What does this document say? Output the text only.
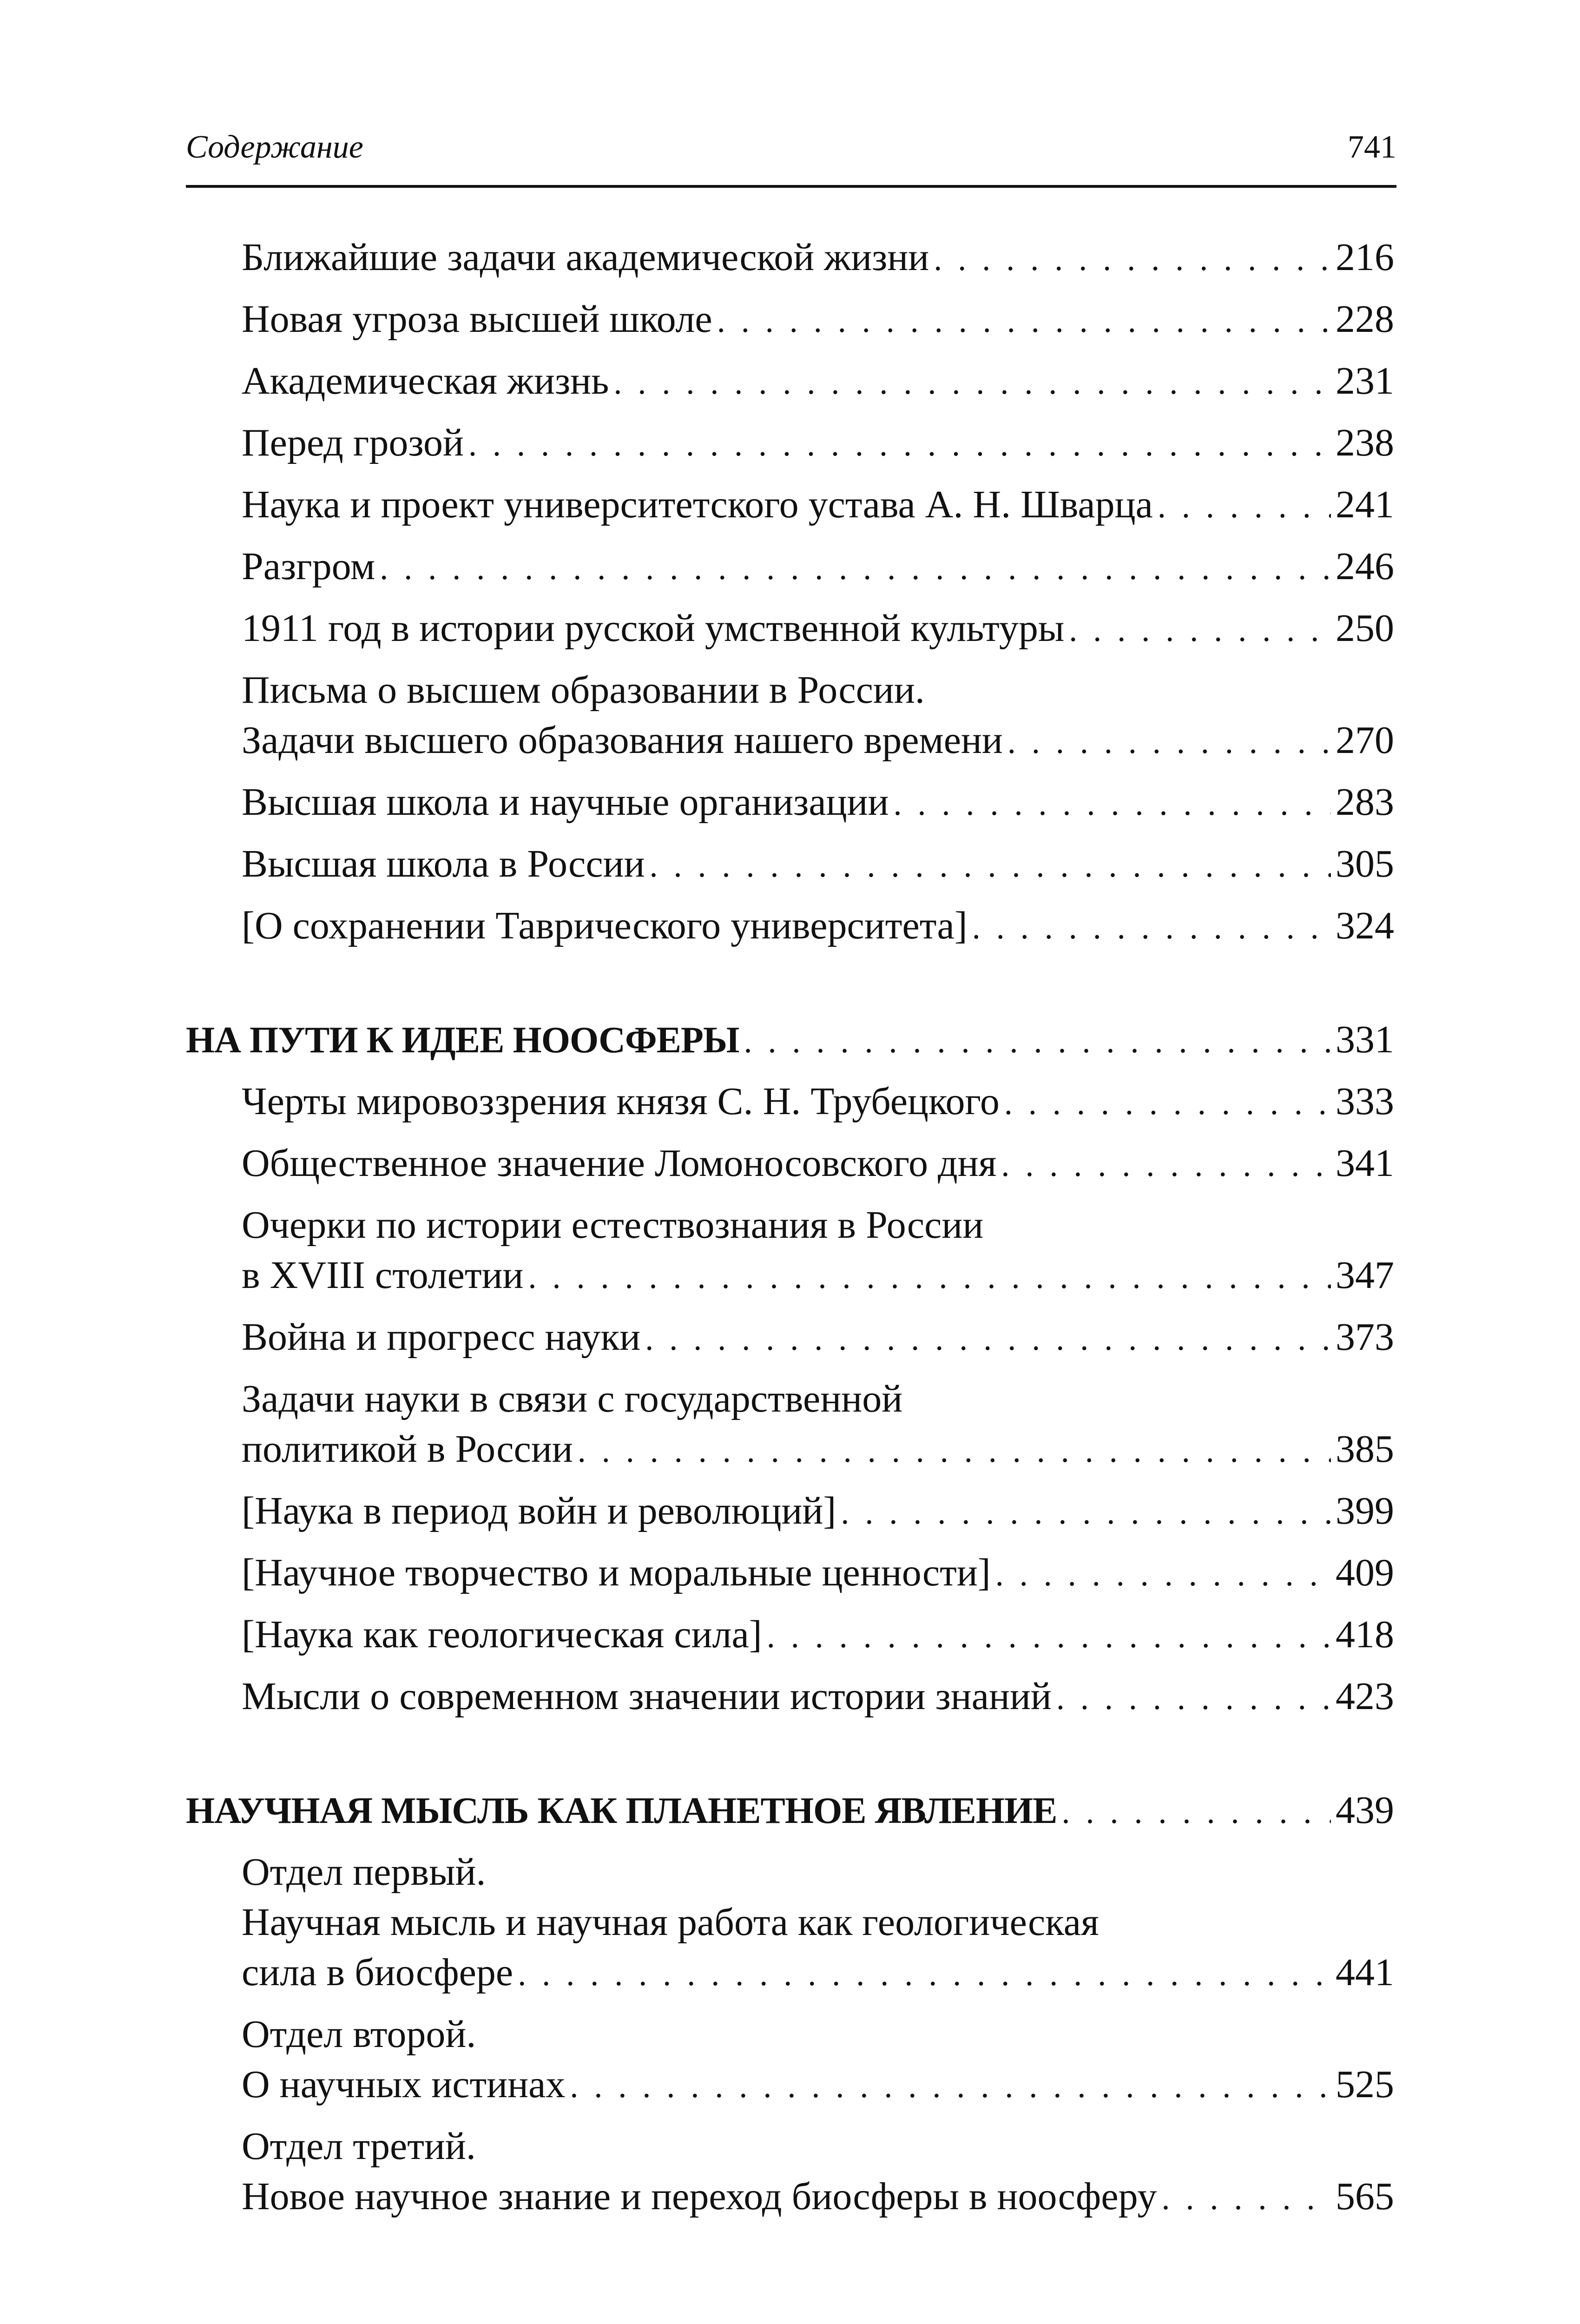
Содержание	741
Ближайшие задачи академической жизни . . .	216
Новая угроза высшей школе . . .	228
Академическая жизнь . . .	231
Перед грозой . . .	238
Наука и проект университетского устава А. Н. Шварца . . .	241
Разгром . . .	246
1911 год в истории русской умственной культуры . . .	250
Письма о высшем образовании в России.
Задачи высшего образования нашего времени . . .	270
Высшая школа и научные организации . . .	283
Высшая школа в России . . .	305
[О сохранении Таврического университета] . . .	324
НА ПУТИ К ИДЕЕ НООСФЕРЫ . . .	331
Черты мировоззрения князя С. Н. Трубецкого . . .	333
Общественное значение Ломоносовского дня . . .	341
Очерки по истории естествознания в России
в XVIII столетии . . .	347
Война и прогресс науки . . .	373
Задачи науки в связи с государственной
политикой в России . . .	385
[Наука в период войн и революций] . . .	399
[Научное творчество и моральные ценности] . . .	409
[Наука как геологическая сила] . . .	418
Мысли о современном значении истории знаний . . .	423
НАУЧНАЯ МЫСЛЬ КАК ПЛАНЕТНОЕ ЯВЛЕНИЕ . . .	439
Отдел первый.
Научная мысль и научная работа как геологическая
сила в биосфере . . .	441
Отдел второй.
О научных истинах . . .	525
Отдел третий.
Новое научное знание и переход биосферы в ноосферу . . .	565
